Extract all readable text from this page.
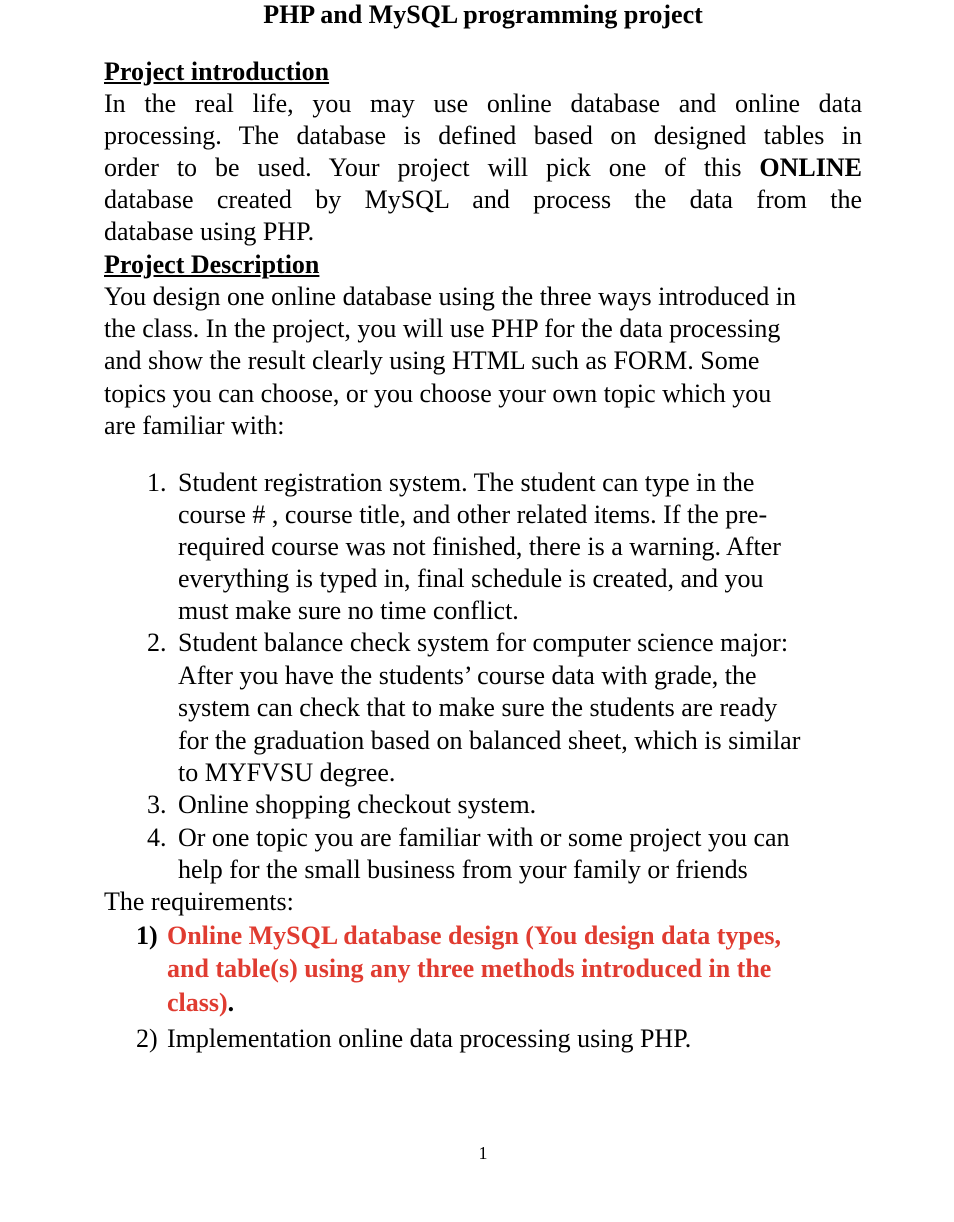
PHP and MySQL programming project
Project introduction
In the real life, you may use online database and online data
processing. The database is defined based on designed tables in
order to be used. Your project will pick one of this ONLINE
database created by MySQL and process the data from the
database using PHP.
Project Description
You design one online database using the three ways introduced in
the class. In the project, you will use PHP for the data processing
and show the result clearly using HTML such as FORM. Some
topics you can choose, or you choose your own topic which you
are familiar with:
1. Student registration system. The student can type in the
course # , course title, and other related items. If the pre-
required course was not finished, there is a warning. After
everything is typed in, final schedule is created, and you
must make sure no time conflict.
2. Student balance check system for computer science major:
After you have the students’ course data with grade, the
system can check that to make sure the students are ready
for the graduation based on balanced sheet, which is similar
to MYFVSU degree.
3. Online shopping checkout system.
4. Or one topic you are familiar with or some project you can
help for the small business from your family or friends
The requirements:
1) Online MySQL database design (You design data types,
and table(s) using any three methods introduced in the
class).
2) Implementation online data processing using PHP.
1
